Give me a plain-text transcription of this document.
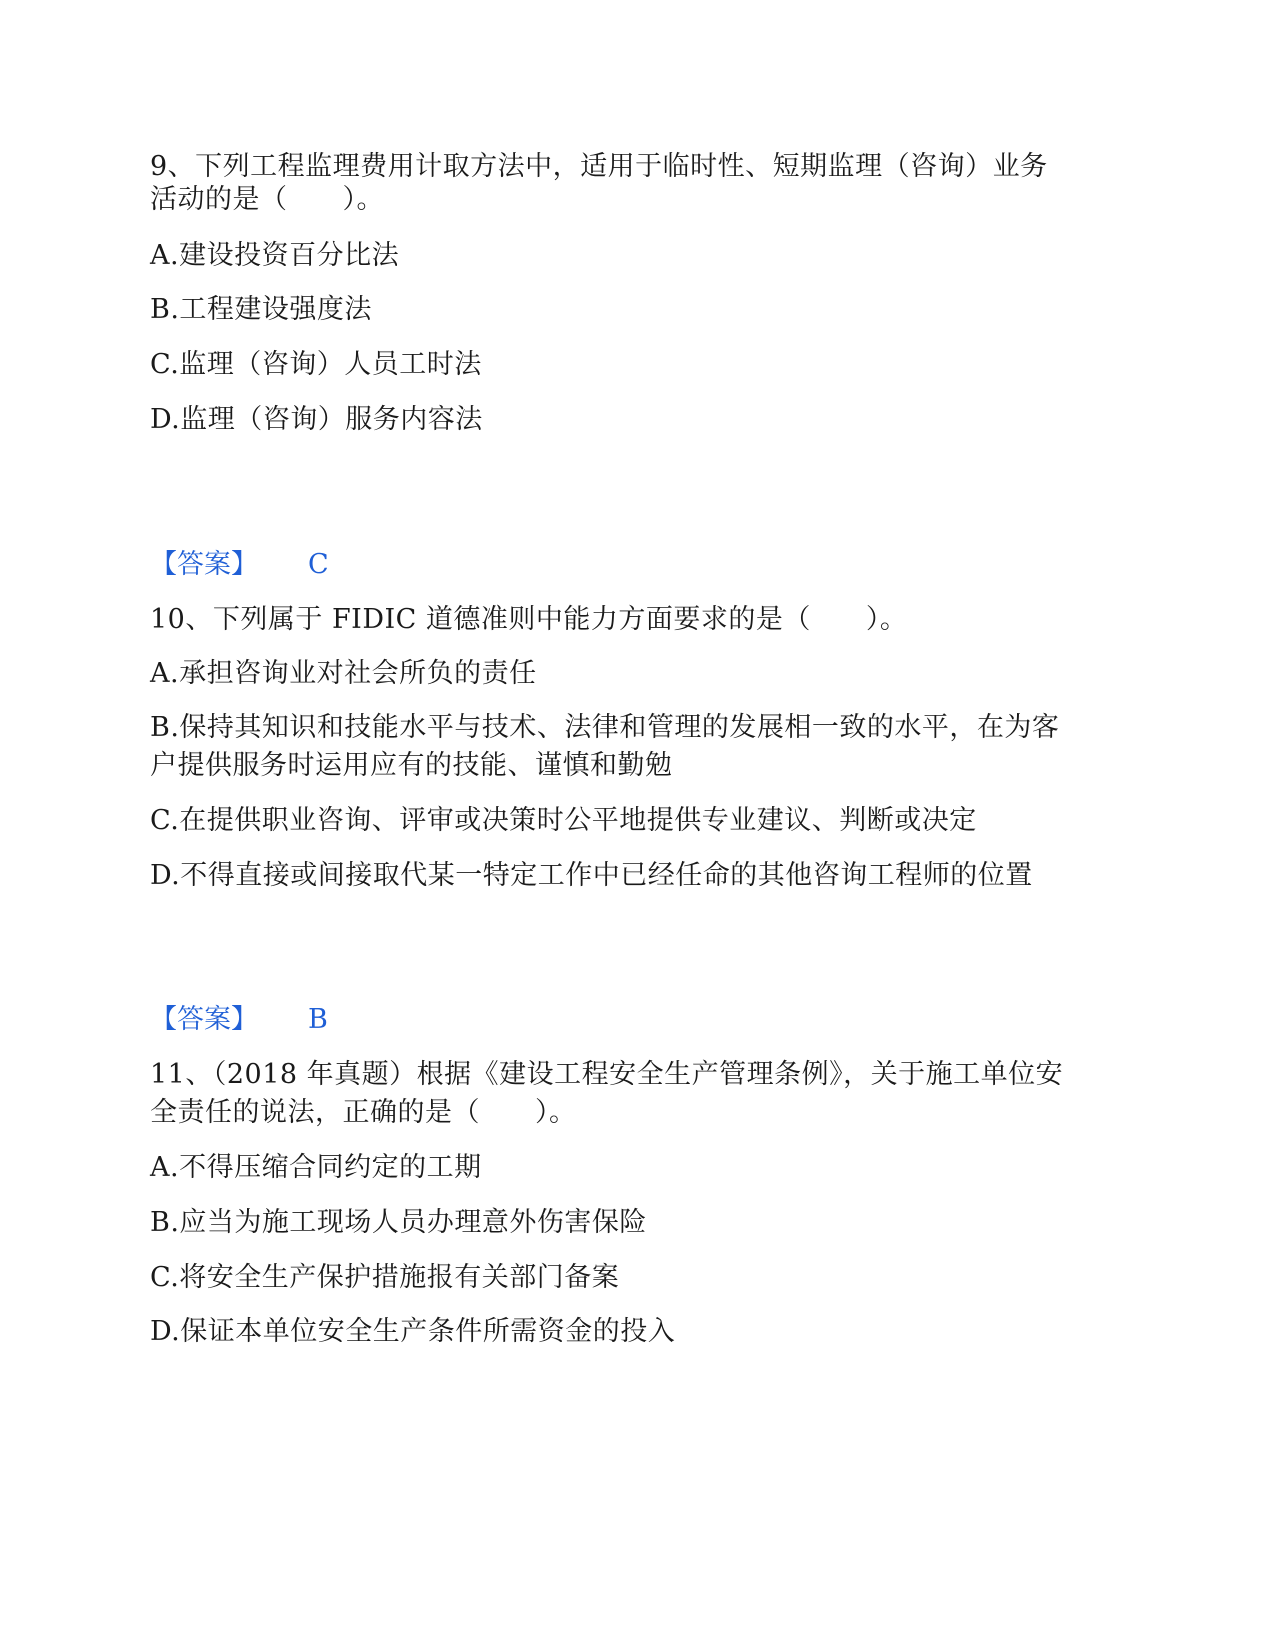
9、下列工程监理费用计取方法中，适用于临时性、短期监理（咨询）业务
活动的是（　　）。
A.建设投资百分比法
B.工程建设强度法
C.监理（咨询）人员工时法
D.监理（咨询）服务内容法
【答案】 C
10、下列属于 FIDIC 道德准则中能力方面要求的是（　　）。
A.承担咨询业对社会所负的责任
B.保持其知识和技能水平与技术、法律和管理的发展相一致的水平，在为客
户提供服务时运用应有的技能、谨慎和勤勉
C.在提供职业咨询、评审或决策时公平地提供专业建议、判断或决定
D.不得直接或间接取代某一特定工作中已经任命的其他咨询工程师的位置
【答案】 B
11、（2018 年真题）根据《建设工程安全生产管理条例》，关于施工单位安
全责任的说法，正确的是（　　）。
A.不得压缩合同约定的工期
B.应当为施工现场人员办理意外伤害保险
C.将安全生产保护措施报有关部门备案
D.保证本单位安全生产条件所需资金的投入
